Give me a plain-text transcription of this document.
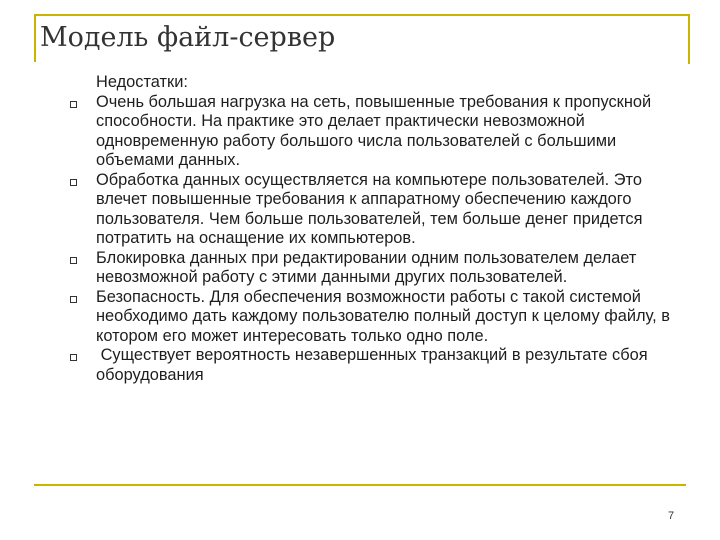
Модель файл-сервер

Недостатки:

Очень большая нагрузка на сеть, повышенные требования к пропускной способности. На практике это делает практически невозможной одновременную работу большого числа пользователей с большими объемами данных.
Обработка данных осуществляется на компьютере пользователей. Это влечет повышенные требования к аппаратному обеспечению каждого пользователя. Чем больше пользователей, тем больше денег придется потратить на оснащение их компьютеров.
Блокировка данных при редактировании одним пользователем делает невозможной работу с этими данными других пользователей.
Безопасность. Для обеспечения возможности работы с такой системой необходимо дать каждому пользователю полный доступ к целому файлу, в котором его может интересовать только одно поле.
Существует вероятность незавершенных транзакций в результате сбоя оборудования
7
